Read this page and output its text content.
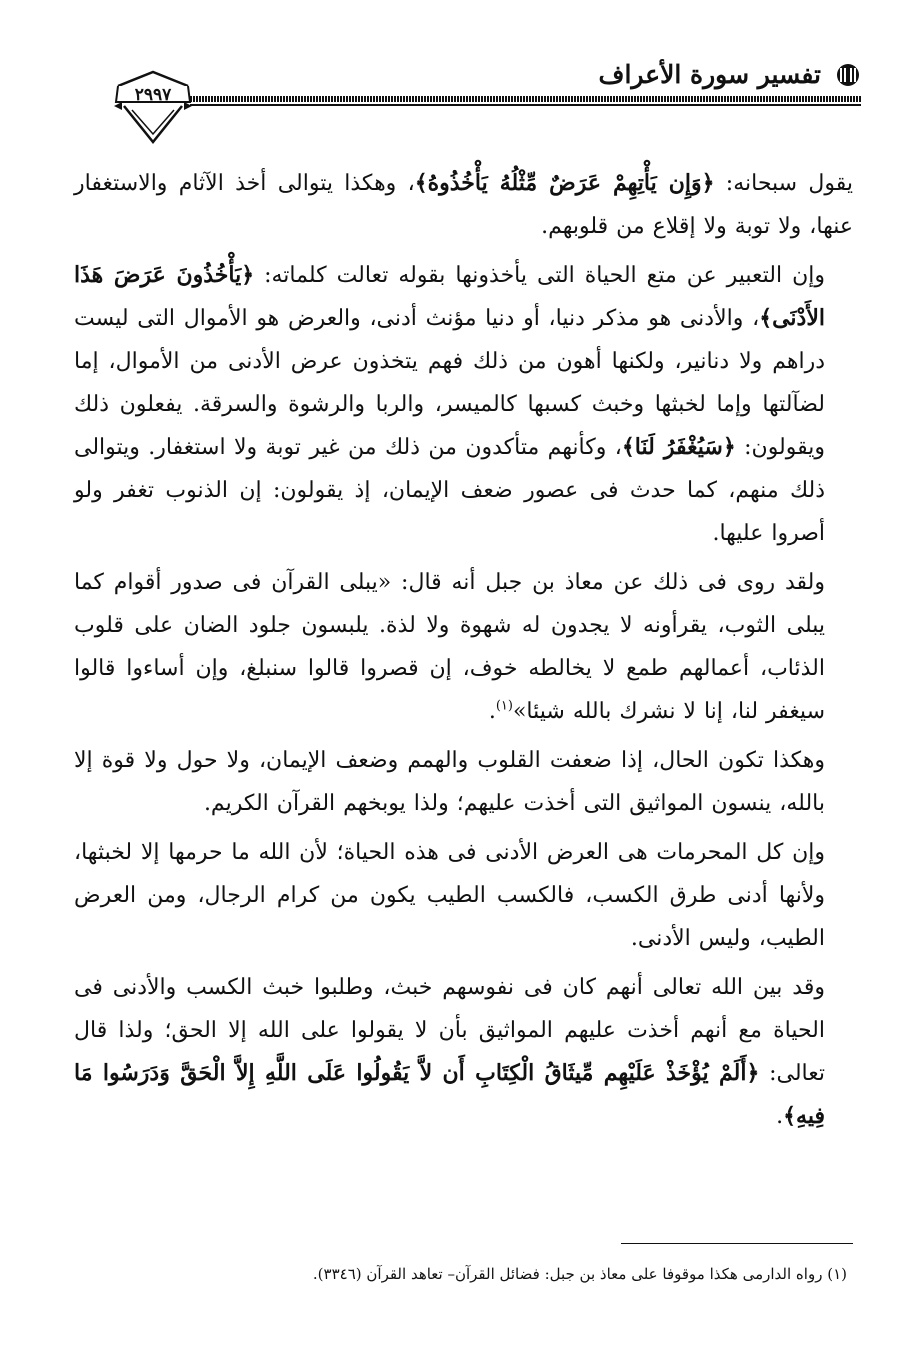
تفسير سورة الأعراف
٢٩٩٧

يقول سبحانه: ﴿وَإِن يَأْتِهِمْ عَرَضٌ مِّثْلُهُ يَأْخُذُوهُ﴾، وهكذا يتوالى أخذ الآثام والاستغفار عنها، ولا توبة ولا إقلاع من قلوبهم.

وإن التعبير عن متع الحياة التى يأخذونها بقوله تعالت كلماته: ﴿يَأْخُذُونَ عَرَضَ هَذَا الأَدْنَى﴾، والأدنى هو مذكر دنيا، أو دنيا مؤنث أدنى، والعرض هو الأموال التى ليست دراهم ولا دنانير، ولكنها أهون من ذلك فهم يتخذون عرض الأدنى من الأموال، إما لضآلتها وإما لخبثها وخبث كسبها كالميسر، والربا والرشوة والسرقة. يفعلون ذلك ويقولون: ﴿سَيُغْفَرُ لَنَا﴾، وكأنهم متأكدون من ذلك من غير توبة ولا استغفار. ويتوالى ذلك منهم، كما حدث فى عصور ضعف الإيمان، إذ يقولون: إن الذنوب تغفر ولو أصروا عليها.

ولقد روى فى ذلك عن معاذ بن جبل أنه قال: «يبلى القرآن فى صدور أقوام كما يبلى الثوب، يقرأونه لا يجدون له شهوة ولا لذة. يلبسون جلود الضان على قلوب الذئاب، أعمالهم طمع لا يخالطه خوف، إن قصروا قالوا سنبلغ، وإن أساءوا قالوا سيغفر لنا، إنا لا نشرك بالله شيئا»$^{(١)}$.

وهكذا تكون الحال، إذا ضعفت القلوب والهمم وضعف الإيمان، ولا حول ولا قوة إلا بالله، ينسون المواثيق التى أخذت عليهم؛ ولذا يوبخهم القرآن الكريم.

وإن كل المحرمات هى العرض الأدنى فى هذه الحياة؛ لأن الله ما حرمها إلا لخبثها، ولأنها أدنى طرق الكسب، فالكسب الطيب يكون من كرام الرجال، ومن العرض الطيب، وليس الأدنى.

وقد بين الله تعالى أنهم كان فى نفوسهم خبث، وطلبوا خبث الكسب والأدنى فى الحياة مع أنهم أخذت عليهم المواثيق بأن لا يقولوا على الله إلا الحق؛ ولذا قال تعالى: ﴿أَلَمْ يُؤْخَذْ عَلَيْهِم مِّيثَاقُ الْكِتَابِ أَن لاَّ يَقُولُوا عَلَى اللَّهِ إِلاَّ الْحَقَّ وَدَرَسُوا مَا فِيهِ﴾.

(١) رواه الدارمى هكذا موقوفا على معاذ بن جبل: فضائل القرآن– تعاهد القرآن (٣٣٤٦).
